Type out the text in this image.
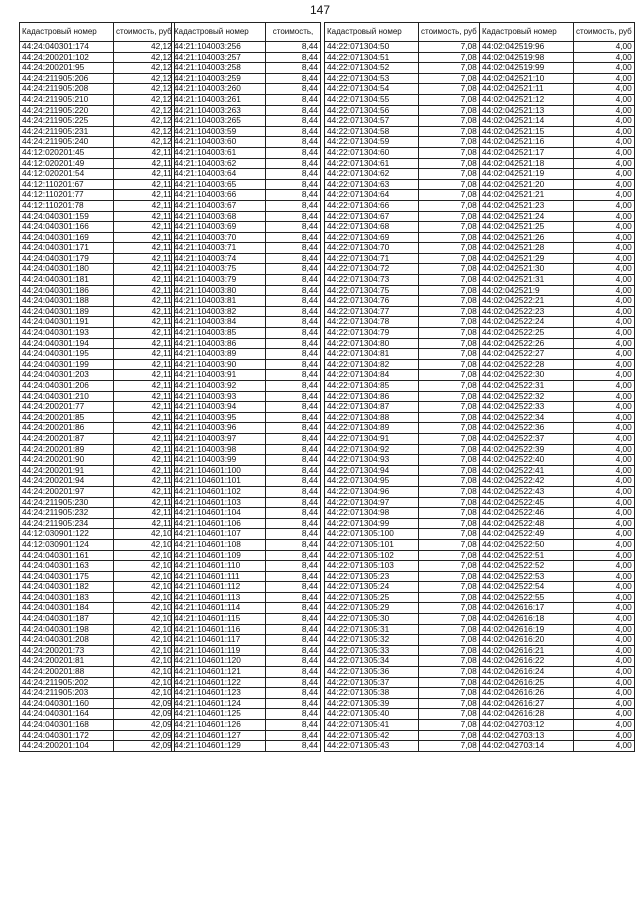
147
Кадастровый номер	стоимость, руб
44:24:040301:174	42,12
44:24:200201:102	42,12
44:24:200201:95	42,12
44:24:211905:206	42,12
44:24:211905:208	42,12
44:24:211905:210	42,12
44:24:211905:220	42,12
44:24:211905:225	42,12
44:24:211905:231	42,12
44:24:211905:240	42,12
44:12:020201:45	42,11
44:12:020201:49	42,11
44:12:020201:54	42,11
44:12:110201:67	42,11
44:12:110201:77	42,11
44:12:110201:78	42,11
44:24:040301:159	42,11
44:24:040301:166	42,11
44:24:040301:169	42,11
44:24:040301:171	42,11
44:24:040301:179	42,11
44:24:040301:180	42,11
44:24:040301:181	42,11
44:24:040301:186	42,11
44:24:040301:188	42,11
44:24:040301:189	42,11
44:24:040301:191	42,11
44:24:040301:193	42,11
44:24:040301:194	42,11
44:24:040301:195	42,11
44:24:040301:199	42,11
44:24:040301:203	42,11
44:24:040301:206	42,11
44:24:040301:210	42,11
44:24:200201:77	42,11
44:24:200201:85	42,11
44:24:200201:86	42,11
44:24:200201:87	42,11
44:24:200201:89	42,11
44:24:200201:90	42,11
44:24:200201:91	42,11
44:24:200201:94	42,11
44:24:200201:97	42,11
44:24:211905:230	42,11
44:24:211905:232	42,11
44:24:211905:234	42,11
44:12:030901:122	42,10
44:12:030901:124	42,10
44:24:040301:161	42,10
44:24:040301:163	42,10
44:24:040301:175	42,10
44:24:040301:182	42,10
44:24:040301:183	42,10
44:24:040301:184	42,10
44:24:040301:187	42,10
44:24:040301:198	42,10
44:24:040301:208	42,10
44:24:200201:73	42,10
44:24:200201:81	42,10
44:24:200201:88	42,10
44:24:211905:202	42,10
44:24:211905:203	42,10
44:24:040301:160	42,09
44:24:040301:164	42,09
44:24:040301:168	42,09
44:24:040301:172	42,09
44:24:200201:104	42,09
Кадастровый номер	стоимость,
44:21:104003:256	8,44
44:21:104003:257	8,44
44:21:104003:258	8,44
44:21:104003:259	8,44
44:21:104003:260	8,44
44:21:104003:261	8,44
44:21:104003:263	8,44
44:21:104003:265	8,44
44:21:104003:59	8,44
44:21:104003:60	8,44
44:21:104003:61	8,44
44:21:104003:62	8,44
44:21:104003:64	8,44
44:21:104003:65	8,44
44:21:104003:66	8,44
44:21:104003:67	8,44
44:21:104003:68	8,44
44:21:104003:69	8,44
44:21:104003:70	8,44
44:21:104003:71	8,44
44:21:104003:74	8,44
44:21:104003:75	8,44
44:21:104003:79	8,44
44:21:104003:80	8,44
44:21:104003:81	8,44
44:21:104003:82	8,44
44:21:104003:84	8,44
44:21:104003:85	8,44
44:21:104003:86	8,44
44:21:104003:89	8,44
44:21:104003:90	8,44
44:21:104003:91	8,44
44:21:104003:92	8,44
44:21:104003:93	8,44
44:21:104003:94	8,44
44:21:104003:95	8,44
44:21:104003:96	8,44
44:21:104003:97	8,44
44:21:104003:98	8,44
44:21:104003:99	8,44
44:21:104601:100	8,44
44:21:104601:101	8,44
44:21:104601:102	8,44
44:21:104601:103	8,44
44:21:104601:104	8,44
44:21:104601:106	8,44
44:21:104601:107	8,44
44:21:104601:108	8,44
44:21:104601:109	8,44
44:21:104601:110	8,44
44:21:104601:111	8,44
44:21:104601:112	8,44
44:21:104601:113	8,44
44:21:104601:114	8,44
44:21:104601:115	8,44
44:21:104601:116	8,44
44:21:104601:117	8,44
44:21:104601:119	8,44
44:21:104601:120	8,44
44:21:104601:121	8,44
44:21:104601:122	8,44
44:21:104601:123	8,44
44:21:104601:124	8,44
44:21:104601:125	8,44
44:21:104601:126	8,44
44:21:104601:127	8,44
44:21:104601:129	8,44
Кадастровый номер	стоимость, руб
44:22:071304:50	7,08
44:22:071304:51	7,08
44:22:071304:52	7,08
44:22:071304:53	7,08
44:22:071304:54	7,08
44:22:071304:55	7,08
44:22:071304:56	7,08
44:22:071304:57	7,08
44:22:071304:58	7,08
44:22:071304:59	7,08
44:22:071304:60	7,08
44:22:071304:61	7,08
44:22:071304:62	7,08
44:22:071304:63	7,08
44:22:071304:64	7,08
44:22:071304:66	7,08
44:22:071304:67	7,08
44:22:071304:68	7,08
44:22:071304:69	7,08
44:22:071304:70	7,08
44:22:071304:71	7,08
44:22:071304:72	7,08
44:22:071304:73	7,08
44:22:071304:75	7,08
44:22:071304:76	7,08
44:22:071304:77	7,08
44:22:071304:78	7,08
44:22:071304:79	7,08
44:22:071304:80	7,08
44:22:071304:81	7,08
44:22:071304:82	7,08
44:22:071304:84	7,08
44:22:071304:85	7,08
44:22:071304:86	7,08
44:22:071304:87	7,08
44:22:071304:88	7,08
44:22:071304:89	7,08
44:22:071304:91	7,08
44:22:071304:92	7,08
44:22:071304:93	7,08
44:22:071304:94	7,08
44:22:071304:95	7,08
44:22:071304:96	7,08
44:22:071304:97	7,08
44:22:071304:98	7,08
44:22:071304:99	7,08
44:22:071305:100	7,08
44:22:071305:101	7,08
44:22:071305:102	7,08
44:22:071305:103	7,08
44:22:071305:23	7,08
44:22:071305:24	7,08
44:22:071305:25	7,08
44:22:071305:29	7,08
44:22:071305:30	7,08
44:22:071305:31	7,08
44:22:071305:32	7,08
44:22:071305:33	7,08
44:22:071305:34	7,08
44:22:071305:36	7,08
44:22:071305:37	7,08
44:22:071305:38	7,08
44:22:071305:39	7,08
44:22:071305:40	7,08
44:22:071305:41	7,08
44:22:071305:42	7,08
44:22:071305:43	7,08
Кадастровый номер	стоимость, руб
44:02:042519:96	4,00
44:02:042519:98	4,00
44:02:042519:99	4,00
44:02:042521:10	4,00
44:02:042521:11	4,00
44:02:042521:12	4,00
44:02:042521:13	4,00
44:02:042521:14	4,00
44:02:042521:15	4,00
44:02:042521:16	4,00
44:02:042521:17	4,00
44:02:042521:18	4,00
44:02:042521:19	4,00
44:02:042521:20	4,00
44:02:042521:21	4,00
44:02:042521:23	4,00
44:02:042521:24	4,00
44:02:042521:25	4,00
44:02:042521:26	4,00
44:02:042521:28	4,00
44:02:042521:29	4,00
44:02:042521:30	4,00
44:02:042521:31	4,00
44:02:042521:9	4,00
44:02:042522:21	4,00
44:02:042522:23	4,00
44:02:042522:24	4,00
44:02:042522:25	4,00
44:02:042522:26	4,00
44:02:042522:27	4,00
44:02:042522:28	4,00
44:02:042522:30	4,00
44:02:042522:31	4,00
44:02:042522:32	4,00
44:02:042522:33	4,00
44:02:042522:34	4,00
44:02:042522:36	4,00
44:02:042522:37	4,00
44:02:042522:39	4,00
44:02:042522:40	4,00
44:02:042522:41	4,00
44:02:042522:42	4,00
44:02:042522:43	4,00
44:02:042522:45	4,00
44:02:042522:46	4,00
44:02:042522:48	4,00
44:02:042522:49	4,00
44:02:042522:50	4,00
44:02:042522:51	4,00
44:02:042522:52	4,00
44:02:042522:53	4,00
44:02:042522:54	4,00
44:02:042522:55	4,00
44:02:042616:17	4,00
44:02:042616:18	4,00
44:02:042616:19	4,00
44:02:042616:20	4,00
44:02:042616:21	4,00
44:02:042616:22	4,00
44:02:042616:24	4,00
44:02:042616:25	4,00
44:02:042616:26	4,00
44:02:042616:27	4,00
44:02:042616:28	4,00
44:02:042703:12	4,00
44:02:042703:13	4,00
44:02:042703:14	4,00
